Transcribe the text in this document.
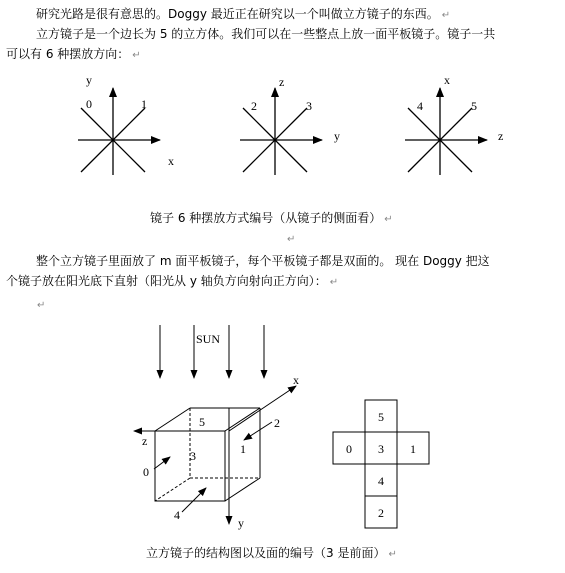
研究光路是很有意思的。Doggy 最近正在研究以一个叫做立方镜子的东西。 ↵
立方镜子是一个边长为 5 的立方体。我们可以在一些整点上放一面平板镜子。镜子一共
可以有 6 种摆放方向： ↵
y
0	1
x
z
2	3
y
x
4	5
z
镜子 6 种摆放方式编号（从镜子的侧面看） ↵
↵
整个立方镜子里面放了 m 面平板镜子，每个平板镜子都是双面的。 现在 Doggy 把这
个镜子放在阳光底下直射（阳光从 y 轴负方向射向正方向）： ↵
↵
SUN
z
y
x
5
3	1
0
4
2	5
0 3 1
4
2
立方镜子的结构图以及面的编号（3 是前面） ↵
